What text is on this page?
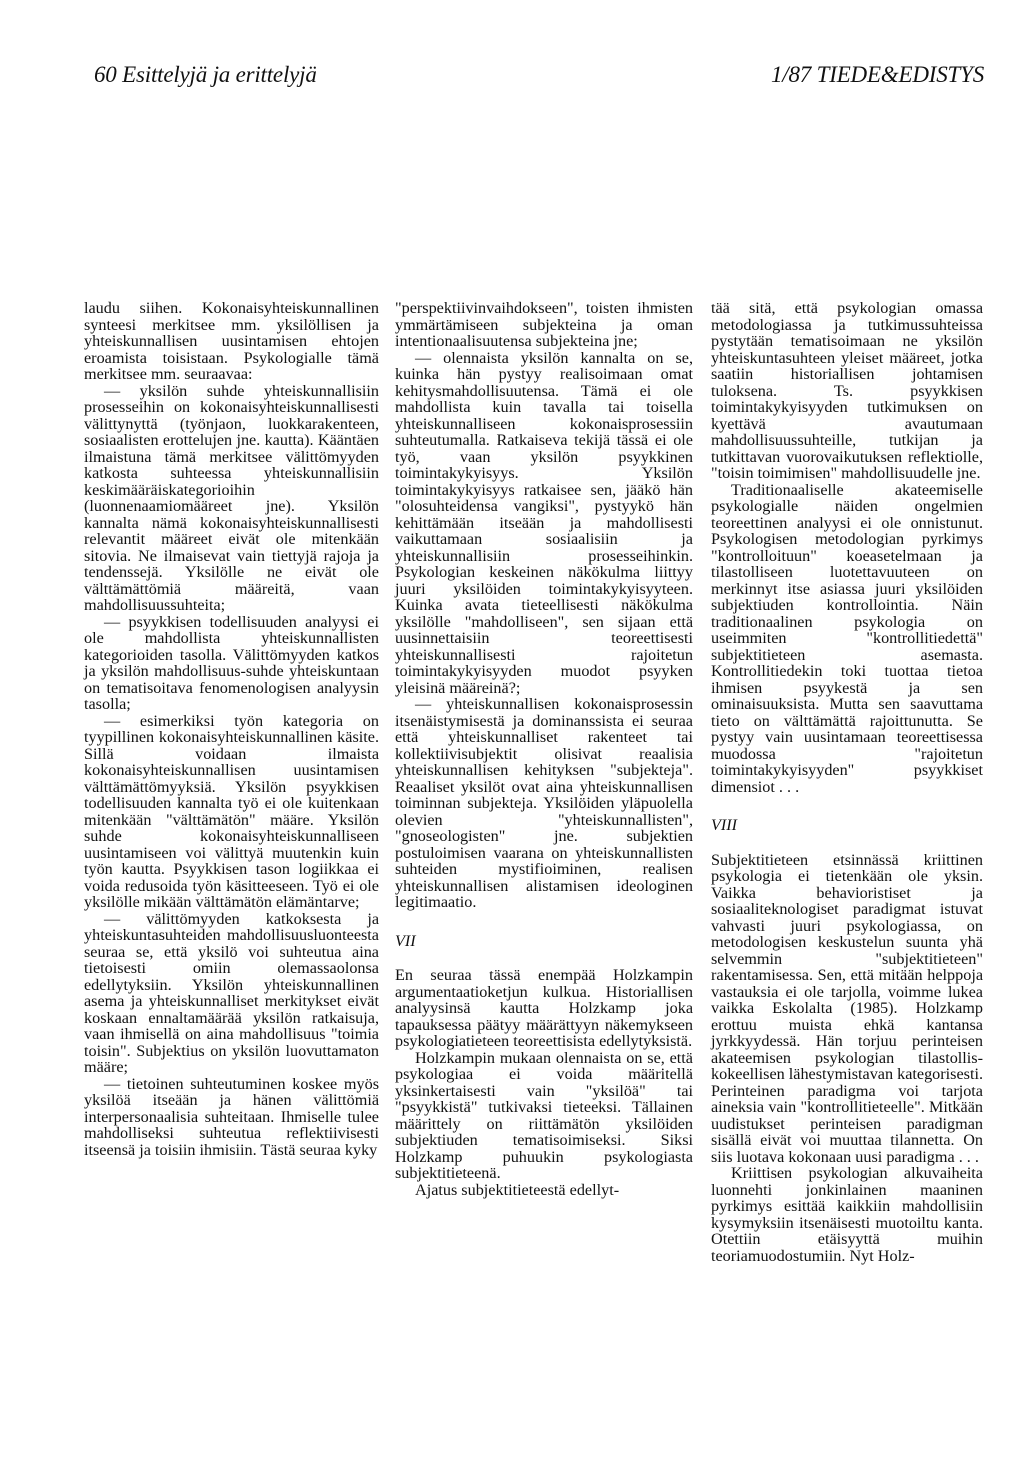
60 Esittelyjä ja erittelyjä	1/87 TIEDE&EDISTYS

laudu siihen. Kokonaisyhteiskunnallinen synteesi merkitsee mm. yksilöllisen ja yhteiskunnallisen uusintamisen ehtojen eroamista toisistaan. Psykologialle tämä merkitsee mm. seuraavaa:

— yksilön suhde yhteiskunnallisiin prosesseihin on kokonaisyhteiskunnallisesti välittynyttä (työnjaon, luokkarakenteen, sosiaalisten erottelujen jne. kautta). Kääntäen ilmaistuna tämä merkitsee välittömyyden katkosta suhteessa yhteiskunnallisiin keskimääräiskategorioihin (luonnenaamiomääreet jne). Yksilön kannalta nämä kokonaisyhteiskunnallisesti relevantit määreet eivät ole mitenkään sitovia. Ne ilmaisevat vain tiettyjä rajoja ja tendenssejä. Yksilölle ne eivät ole välttämättömiä määreitä, vaan mahdollisuussuhteita;

— psyykkisen todellisuuden analyysi ei ole mahdollista yhteiskunnallisten kategorioiden tasolla. Välittömyyden katkos ja yksilön mahdollisuus-suhde yhteiskuntaan on tematisoitava fenomenologisen analyysin tasolla;

— esimerkiksi työn kategoria on tyypillinen kokonaisyhteiskunnallinen käsite. Sillä voidaan ilmaista kokonaisyhteiskunnallisen uusintamisen välttämättömyyksiä. Yksilön psyykkisen todellisuuden kannalta työ ei ole kuitenkaan mitenkään "välttämätön" määre. Yksilön suhde kokonaisyhteiskunnalliseen uusintamiseen voi välittyä muutenkin kuin työn kautta. Psyykkisen tason logiikkaa ei voida redusoida työn käsitteeseen. Työ ei ole yksilölle mikään välttämätön elämäntarve;

— välittömyyden katkoksesta ja yhteiskuntasuhteiden mahdollisuusluonteesta seuraa se, että yksilö voi suhteutua aina tietoisesti omiin olemassaolonsa edellytyksiin. Yksilön yhteiskunnallinen asema ja yhteiskunnalliset merkitykset eivät koskaan ennaltamäärää yksilön ratkaisuja, vaan ihmisellä on aina mahdollisuus "toimia toisin". Subjektius on yksilön luovuttamaton määre;

— tietoinen suhteutuminen koskee myös yksilöä itseään ja hänen välittömiä interpersonaalisia suhteitaan. Ihmiselle tulee mahdolliseksi suhteutua reflektiivisesti itseensä ja toisiin ihmisiin. Tästä seuraa kyky

"perspektiivinvaihdokseen", toisten ihmisten ymmärtämiseen subjekteina ja oman intentionaalisuutensa subjekteina jne;

— olennaista yksilön kannalta on se, kuinka hän pystyy realisoimaan omat kehitysmahdollisuutensa. Tämä ei ole mahdollista kuin tavalla tai toisella yhteiskunnalliseen kokonaisprosessiin suhteutumalla. Ratkaiseva tekijä tässä ei ole työ, vaan yksilön psyykkinen toimintakykyisyys. Yksilön toimintakykyisyys ratkaisee sen, jääkö hän "olosuhteidensa vangiksi", pystyykö hän kehittämään itseään ja mahdollisesti vaikuttamaan sosiaalisiin ja yhteiskunnallisiin prosesseihinkin. Psykologian keskeinen näkökulma liittyy juuri yksilöiden toimintakykyisyyteen. Kuinka avata tieteellisesti näkökulma yksilölle "mahdolliseen", sen sijaan että uusinnettaisiin teoreettisesti yhteiskunnallisesti rajoitetun toimintakykyisyyden muodot psyyken yleisinä määreinä?;

— yhteiskunnallisen kokonaisprosessin itsenäistymisestä ja dominanssista ei seuraa että yhteiskunnalliset rakenteet tai kollektiivisubjektit olisivat reaalisia yhteiskunnallisen kehityksen "subjekteja". Reaaliset yksilöt ovat aina yhteiskunnallisen toiminnan subjekteja. Yksilöiden yläpuolella olevien "yhteiskunnallisten", "gnoseologisten" jne. subjektien postuloimisen vaarana on yhteiskunnallisten suhteiden mystifioiminen, realisen yhteiskunnallisen alistamisen ideologinen legitimaatio.

VII

En seuraa tässä enempää Holzkampin argumentaatioketjun kulkua. Historiallisen analyysinsä kautta Holzkamp joka tapauksessa päätyy määrättyyn näkemykseen psykologiatieteen teoreettisista edellytyksistä.

Holzkampin mukaan olennaista on se, että psykologiaa ei voida määritellä yksinkertaisesti vain "yksilöä" tai "psyykkistä" tutkivaksi tieteeksi. Tällainen määrittely on riittämätön yksilöiden subjektiuden tematisoimiseksi. Siksi Holzkamp puhuukin psykologiasta subjektitieteenä.

Ajatus subjektitieteestä edellyt-

tää sitä, että psykologian omassa metodologiassa ja tutkimussuhteissa pystytään tematisoimaan ne yksilön yhteiskuntasuhteen yleiset määreet, jotka saatiin historiallisen johtamisen tuloksena. Ts. psyykkisen toimintakykyisyyden tutkimuksen on kyettävä avautumaan mahdollisuussuhteille, tutkijan ja tutkittavan vuorovaikutuksen reflektiolle, "toisin toimimisen" mahdollisuudelle jne.

Traditionaaliselle akateemiselle psykologialle näiden ongelmien teoreettinen analyysi ei ole onnistunut. Psykologisen metodologian pyrkimys "kontrolloituun" koeasetelmaan ja tilastolliseen luotettavuuteen on merkinnyt itse asiassa juuri yksilöiden subjektiuden kontrollointia. Näin traditionaalinen psykologia on useimmiten "kontrollitiedettä" subjektitieteen asemasta. Kontrollitiedekin toki tuottaa tietoa ihmisen psyykestä ja sen ominaisuuksista. Mutta sen saavuttama tieto on välttämättä rajoittunutta. Se pystyy vain uusintamaan teoreettisessa muodossa "rajoitetun toimintakykyisyyden" psyykkiset dimensiot . . .

VIII

Subjektitieteen etsinnässä kriittinen psykologia ei tietenkään ole yksin. Vaikka behavioristiset ja sosiaaliteknologiset paradigmat istuvat vahvasti juuri psykologiassa, on metodologisen keskustelun suunta yhä selvemmin "subjektitieteen" rakentamisessa. Sen, että mitään helppoja vastauksia ei ole tarjolla, voimme lukea vaikka Eskolalta (1985). Holzkamp erottuu muista ehkä kantansa jyrkkyydessä. Hän torjuu perinteisen akateemisen psykologian tilastollis-kokeellisen lähestymistavan kategorisesti. Perinteinen paradigma voi tarjota aineksia vain "kontrollitieteelle". Mitkään uudistukset perinteisen paradigman sisällä eivät voi muuttaa tilannetta. On siis luotava kokonaan uusi paradigma . . .

Kriittisen psykologian alkuvaiheita luonnehti jonkinlainen maaninen pyrkimys esittää kaikkiin mahdollisiin kysymyksiin itsenäisesti muotoiltu kanta. Otettiin etäisyyttä muihin teoriamuodostumiin. Nyt Holz-
